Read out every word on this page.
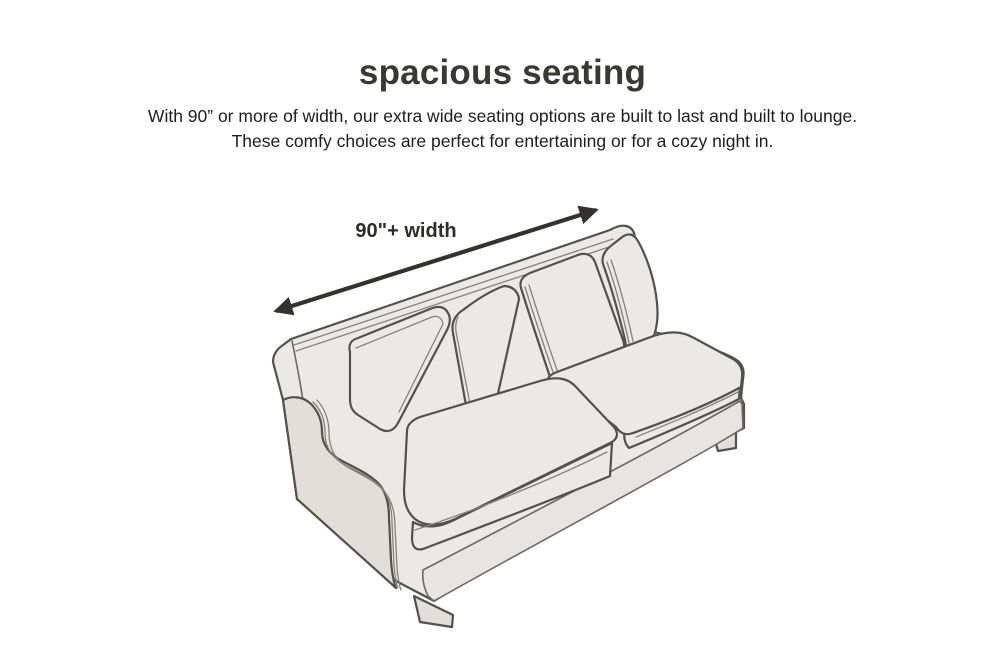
90"+ width
spacious seating
With 90” or more of width, our extra wide seating options are built to last and built to lounge.
These comfy choices are perfect for entertaining or for a cozy night in.
